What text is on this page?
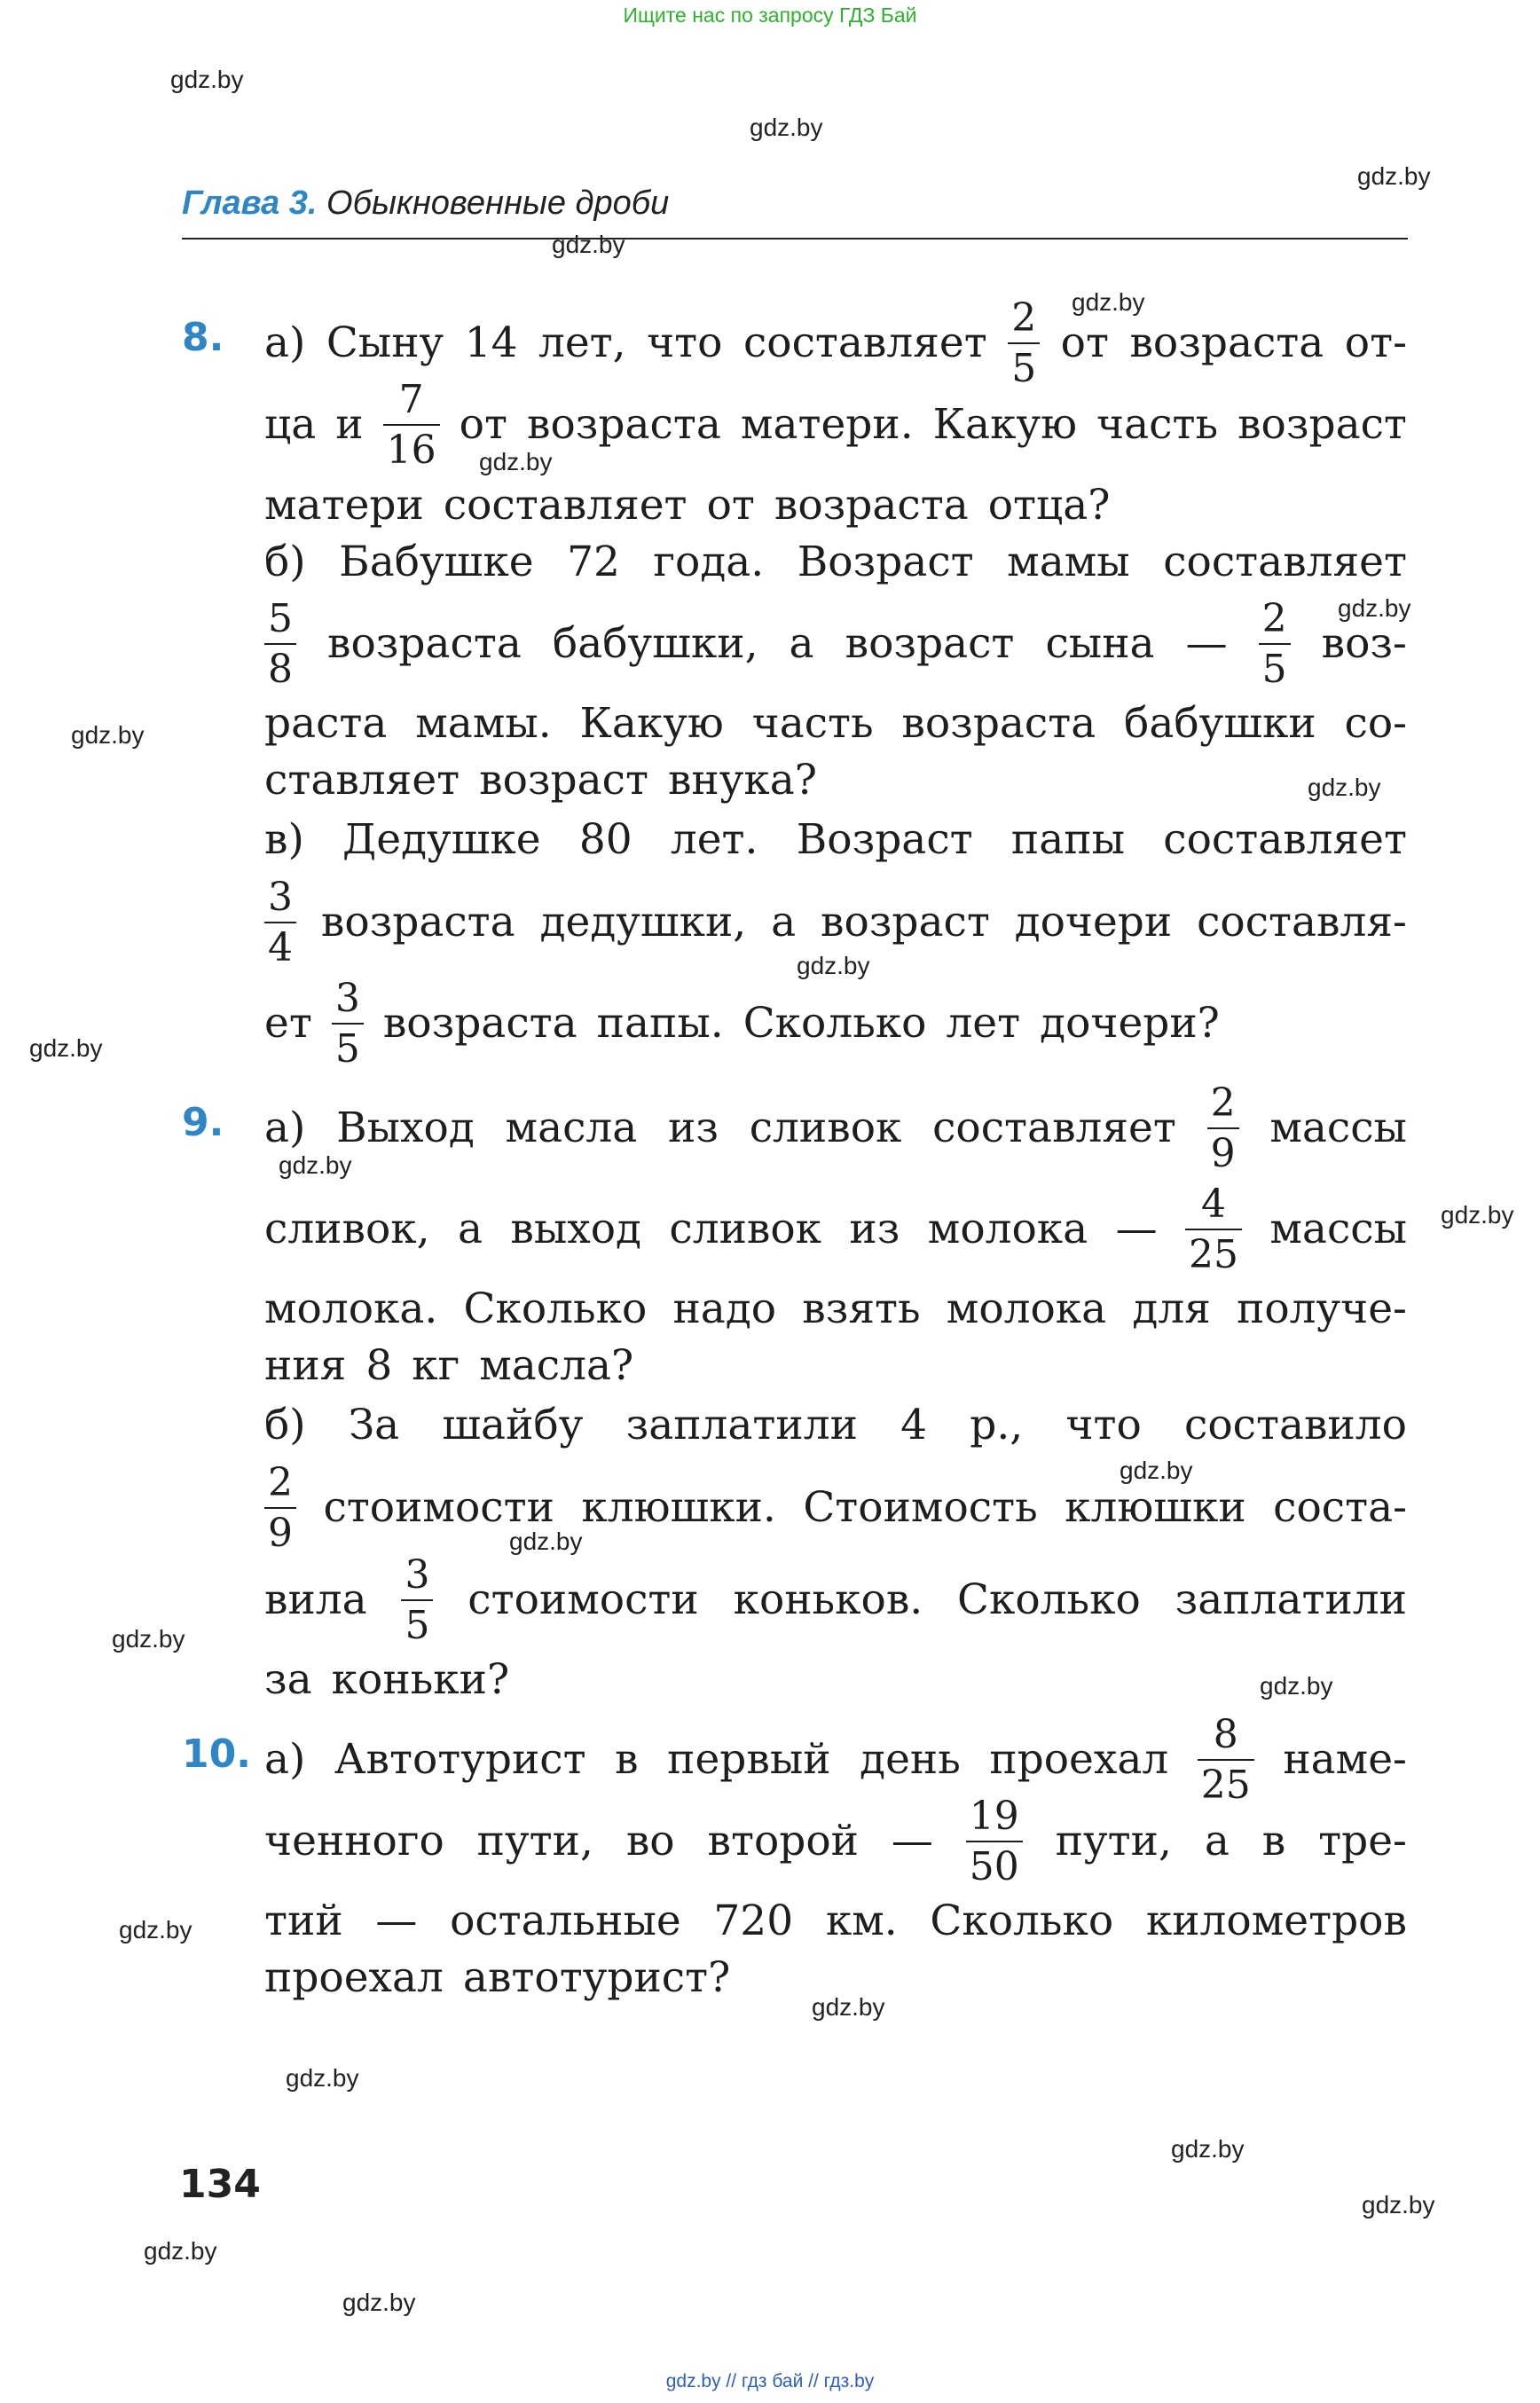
Ищите нас по запросу ГДЗ Бай
Глава 3. Обыкновенные дроби
8.
9.
10.
а) Сыну 14 лет, что составляет $\frac{2}{5}$ от возраста от-
ца и $\frac{7}{16}$ от возраста матери. Какую часть возраст
матери составляет от возраста отца?
б) Бабушке 72 года. Возраст мамы составляет
$\frac{5}{8}$ возраста бабушки, а возраст сына — $\frac{2}{5} воз-$
раста мамы. Какую часть возраста бабушки со-
ставляет возраст внука?
в) Дедушке 80 лет. Возраст папы составляет
$\frac{3}{4}$ возраста дедушки, а возраст дочери составля-
ет $\frac{3}{5}$ возраста папы. Сколько лет дочери?
а) Выход масла из сливок составляет $\frac{2}{9}$ массы
сливок, а выход сливок из молока — $\frac{4}{25}$ массы
молока. Сколько надо взять молока для получе-
ния 8 кг масла?
б) За шайбу заплатили 4 р., что составило
$\frac{2}{9}$ стоимости клюшки. Стоимость клюшки соста-
вила $\frac{3}{5}$ стоимости коньков. Сколько заплатили
за коньки?
а) Автотурист в первый день проехал $\frac{8}{25}$ наме-
ченного пути, во второй — $\frac{19}{50}$ пути, а в тре-
тий — остальные 720 км. Сколько километров
проехал автотурист?
134
gdz.by
gdz.by
gdz.by
gdz.by
gdz.by
gdz.by
gdz.by
gdz.by
gdz.by
gdz.by
gdz.by
gdz.by
gdz.by
gdz.by
gdz.by
gdz.by
gdz.by
gdz.by
gdz.by
gdz.by
gdz.by
gdz.by
gdz.by
gdz.by
gdz.by // гдз бай // гдз.by
